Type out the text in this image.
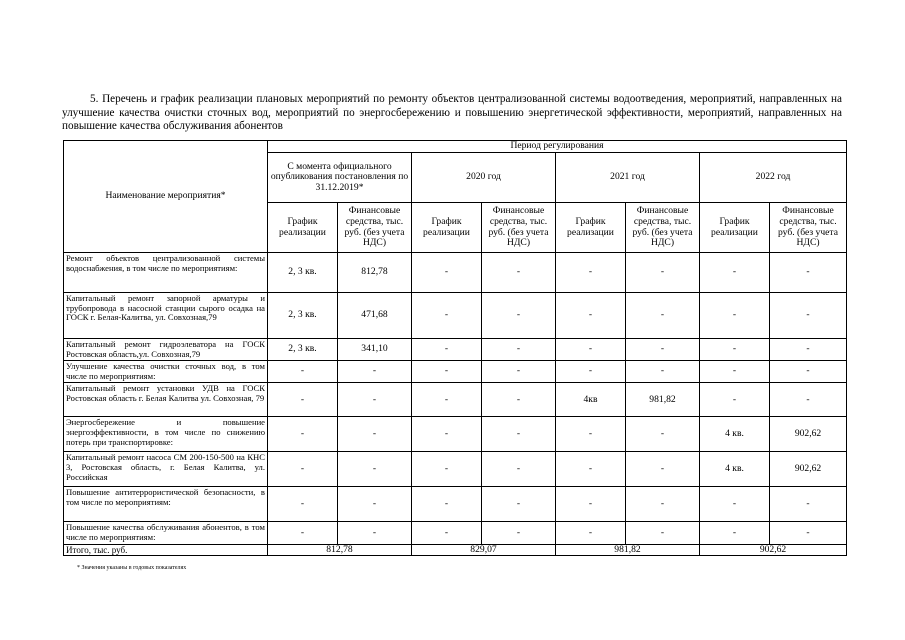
5. Перечень и график реализации плановых мероприятий по ремонту объектов централизованной системы водоотведения, мероприятий, направленных на улучшение качества очистки сточных вод, мероприятий по энергосбережению и повышению энергетической эффективности, мероприятий, направленных на повышение качества обслуживания абонентов
Наименование мероприятия*	Период регулирования							
	С момента официального опубликования постановления по 31.12.2019*		2020 год		2021 год		2022 год	
	График реализации	Финансовые средства, тыс. руб. (без учета НДС)	График реализации	Финансовые средства, тыс. руб. (без учета НДС)	График реализации	Финансовые средства, тыс. руб. (без учета НДС)	График реализации	Финансовые средства, тыс. руб. (без учета НДС)
Ремонт объектов централизованной системы водоснабжения, в том числе по мероприятиям:	2, 3 кв.	812,78	-	-	-	-	-	-
Капитальный ремонт запорной арматуры и трубопровода в насосной станции сырого осадка на ГОСК г. Белая-Калитва, ул. Совхозная,79	2, 3 кв.	471,68	-	-	-	-	-	-
Капитальный ремонт гидроэлеватора на ГОСК Ростовская область,ул. Совхозная,79	2, 3 кв.	341,10	-	-	-	-	-	-
Улучшение качества очистки сточных вод, в том числе по мероприятиям:	-	-	-	-	-	-	-	-
Капитальный ремонт установки УДВ на ГОСК Ростовская область г. Белая Калитва ул. Совхозная, 79	-	-	-	-	4кв	981,82	-	-
Энергосбережение и повышение энергоэффективности, в том числе по снижению потерь при транспортировке:	-	-	-	-	-	-	4 кв.	902,62
Капитальный ремонт насоса СМ 200-150-500 на КНС 3, Ростовская область, г. Белая Калитва, ул. Российская	-	-	-	-	-	-	4 кв.	902,62
Повышение антитеррористической безопасности, в том числе по мероприятиям:	-	-	-	-	-	-	-	-
Повышение качества обслуживания абонентов, в том числе по мероприятиям:	-	-	-	-	-	-	-	-
Итого, тыс. руб.	812,78		829,07		981,82		902,62	
* Значения указаны в годовых показателях
